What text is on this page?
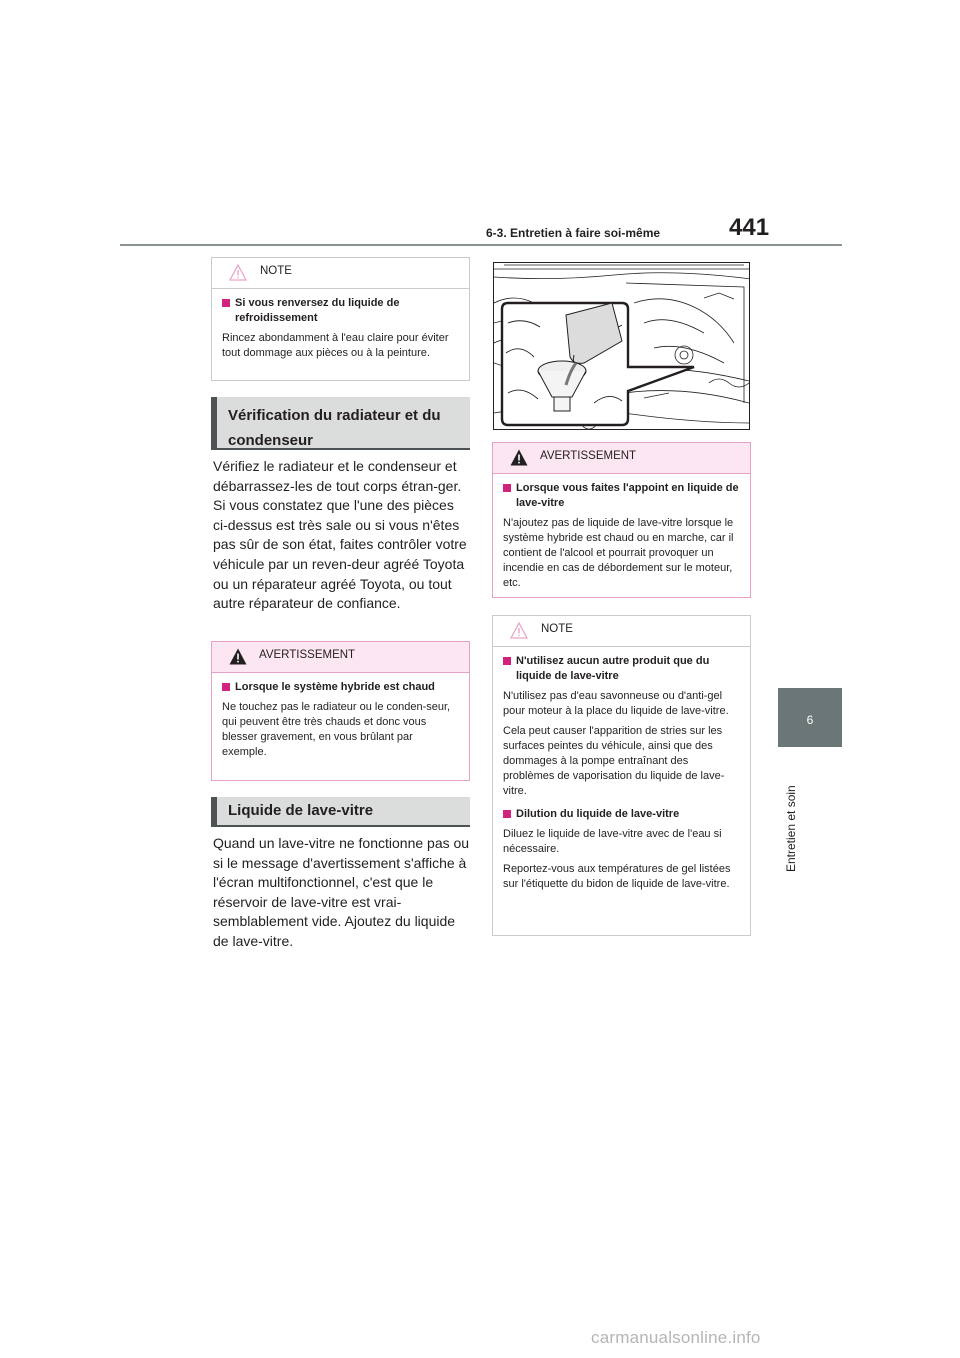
6-3. Entretien à faire soi-même	441
6
Entretien et soin
NOTE
Si vous renversez du liquide de refroidissement
Rincez abondamment à l'eau claire pour éviter tout dommage aux pièces ou à la peinture.
Vérification du radiateur et du condenseur
Vérifiez le radiateur et le condenseur et débarrassez-les de tout corps étran-ger. Si vous constatez que l'une des pièces ci-dessus est très sale ou si vous n'êtes pas sûr de son état, faites contrôler votre véhicule par un reven-deur agréé Toyota ou un réparateur agréé Toyota, ou tout autre réparateur de confiance.
AVERTISSEMENT
Lorsque le système hybride est chaud
Ne touchez pas le radiateur ou le conden-seur, qui peuvent être très chauds et donc vous blesser gravement, en vous brûlant par exemple.
Liquide de lave-vitre
Quand un lave-vitre ne fonctionne pas ou si le message d'avertissement s'affiche à l'écran multifonctionnel, c'est que le réservoir de lave-vitre est vrai-semblablement vide. Ajoutez du liquide de lave-vitre.
AVERTISSEMENT
Lorsque vous faites l'appoint en liquide de lave-vitre
N'ajoutez pas de liquide de lave-vitre lorsque le système hybride est chaud ou en marche, car il contient de l'alcool et pourrait provoquer un incendie en cas de débordement sur le moteur, etc.
NOTE
N'utilisez aucun autre produit que du liquide de lave-vitre
N'utilisez pas d'eau savonneuse ou d'anti-gel pour moteur à la place du liquide de lave-vitre.
Cela peut causer l'apparition de stries sur les surfaces peintes du véhicule, ainsi que des dommages à la pompe entraînant des problèmes de vaporisation du liquide de lave-vitre.
Dilution du liquide de lave-vitre
Diluez le liquide de lave-vitre avec de l'eau si nécessaire.
Reportez-vous aux températures de gel listées sur l'étiquette du bidon de liquide de lave-vitre.
carmanualsonline.info
